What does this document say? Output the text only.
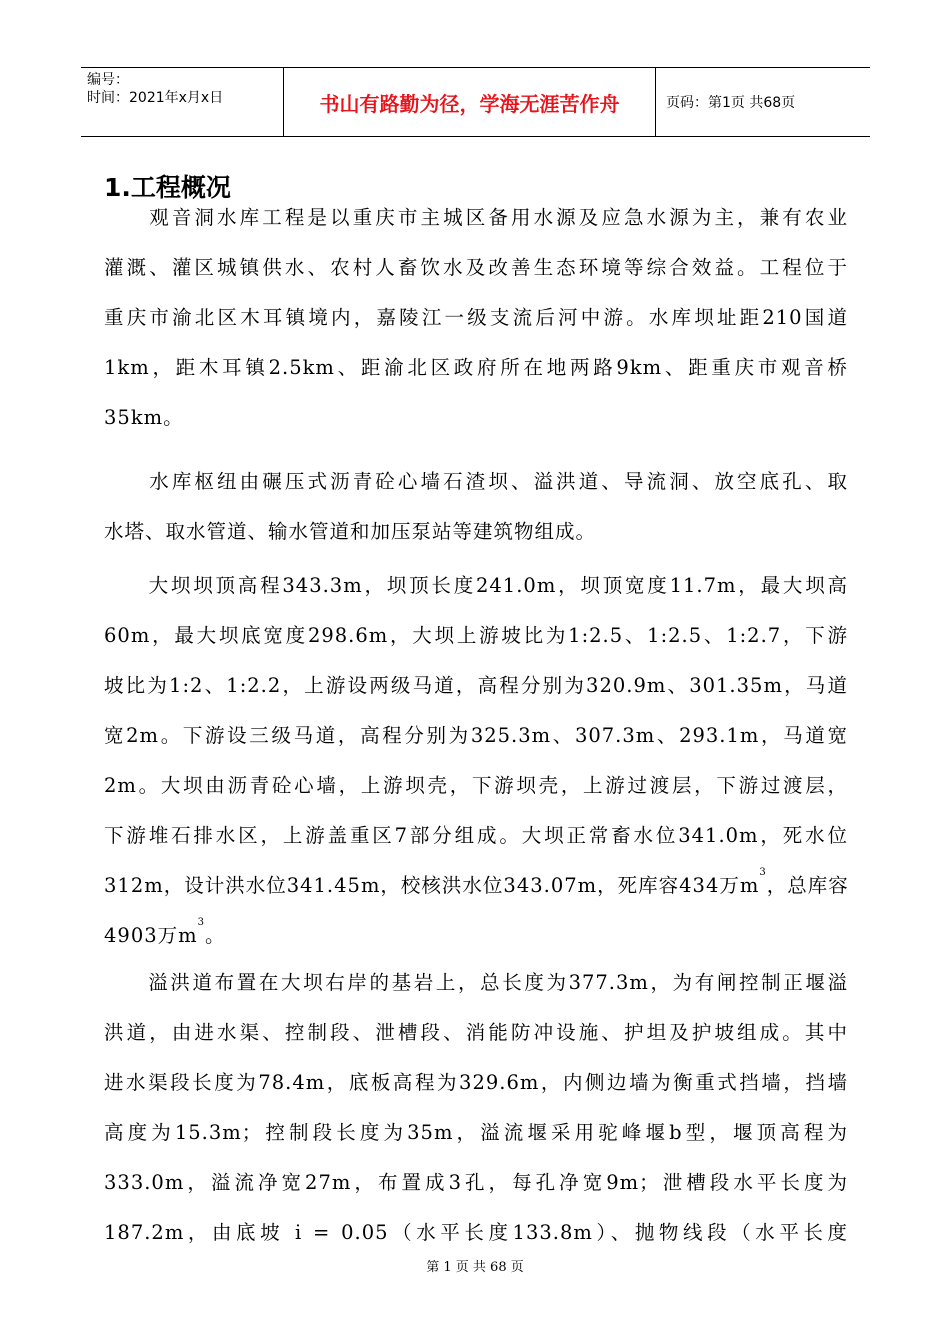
编号：
时间：2021年x月x日	书山有路勤为径，学海无涯苦作舟	页码：第1页 共68页
1.工程概况
　　观音洞水库工程是以重庆市主城区备用水源及应急水源为主，兼有农业
灌溉、灌区城镇供水、农村人畜饮水及改善生态环境等综合效益。工程位于
重庆市渝北区木耳镇境内，嘉陵江一级支流后河中游。水库坝址距210国道
1km，距木耳镇2.5km、距渝北区政府所在地两路9km、距重庆市观音桥
35km。
　　水库枢纽由碾压式沥青砼心墙石渣坝、溢洪道、导流洞、放空底孔、取
水塔、取水管道、输水管道和加压泵站等建筑物组成。
　　大坝坝顶高程343.3m，坝顶长度241.0m，坝顶宽度11.7m，最大坝高
60m，最大坝底宽度298.6m，大坝上游坡比为1:2.5、1:2.5、1:2.7，下游
坡比为1:2、1:2.2，上游设两级马道，高程分别为320.9m、301.35m，马道
宽2m。下游设三级马道，高程分别为325.3m、307.3m、293.1m，马道宽
2m。大坝由沥青砼心墙，上游坝壳，下游坝壳，上游过渡层，下游过渡层，
下游堆石排水区，上游盖重区7部分组成。大坝正常畜水位341.0m，死水位
312m，设计洪水位341.45m，校核洪水位343.07m，死库容434万$m^3$
，总库容
4903万$m^3$。
　　溢洪道布置在大坝右岸的基岩上，总长度为377.3m，为有闸控制正堰溢
洪道，由进水渠、控制段、泄槽段、消能防冲设施、护坦及护坡组成。其中
进水渠段长度为78.4m，底板高程为329.6m，内侧边墙为衡重式挡墙，挡墙
高度为15.3m；控制段长度为35m，溢流堰采用驼峰堰b型，堰顶高程为
333.0m，溢流净宽27m，布置成3孔，每孔净宽9m；泄槽段水平长度为
187.2m，由底坡 i = 0.05（水平长度133.8m）、抛物线段（水平长度
第 1 页 共 68 页
